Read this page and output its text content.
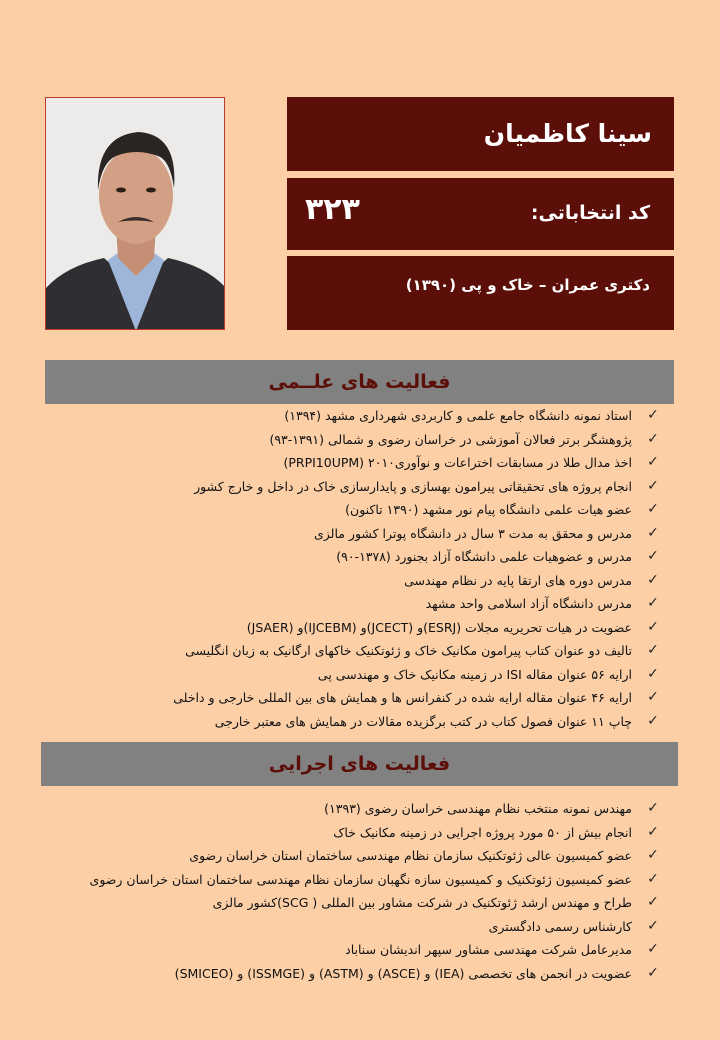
سینا کاظمیان
کد انتخاباتی:
۳۲۳
دکتری عمران – خاک و پی (۱۳۹۰)
فعالیت های علــمی
✓
استاد نمونه دانشگاه جامع علمی و کاربردی شهرداری مشهد (۱۳۹۴)
✓
پژوهشگر برتر فعالان آموزشی در خراسان رضوی و شمالی (۱۳۹۱-۹۳)
✓
اخذ مدال طلا در مسابقات اختراعات و نوآوری۲۰۱۰ (PRPI10UPM)
✓
انجام پروژه های تحقیقاتی پیرامون بهسازی و پایدارسازی خاک در داخل و خارج کشور
✓
عضو هیات علمی دانشگاه پیام نور مشهد (۱۳۹۰ تاکنون)
✓
مدرس و محقق به مدت ۳ سال در دانشگاه پوترا کشور مالزی
✓
مدرس و عضوهیات علمی دانشگاه آزاد بجنورد (۱۳۷۸-۹۰)
✓
مدرس دوره های ارتقا پایه در نظام مهندسی
✓
مدرس دانشگاه آزاد اسلامی واحد مشهد
✓
عضویت در هیات تحریریه مجلات (ESRJ)و (JCECT)و (IJCEBM)و (JSAER)
✓
تالیف دو عنوان کتاب پیرامون مکانیک خاک و ژئوتکنیک خاکهای ارگانیک به زبان انگلیسی
✓
ارایه ۵۶ عنوان مقاله ISI در زمینه مکانیک خاک و مهندسی پی
✓
ارایه ۴۶ عنوان مقاله ارایه شده در کنفرانس ها و همایش های بین المللی خارجی و داخلی
✓
چاپ ۱۱ عنوان فصول کتاب در کتب برگزیده مقالات در همایش های معتبر خارجی
فعالیت های اجرایی
✓
مهندس نمونه منتخب نظام مهندسی خراسان رضوی (۱۳۹۳)
✓
انجام بیش از ۵۰ مورد پروژه اجرایی در زمینه مکانیک خاک
✓
عضو کمیسیون عالی ژئوتکنیک سازمان نظام مهندسی ساختمان استان خراسان رضوی
✓
عضو کمیسیون ژئوتکنیک و کمیسیون سازه نگهبان سازمان نظام مهندسی ساختمان استان خراسان رضوی
✓
طراح و مهندس ارشد ژئوتکنیک در شرکت مشاور بین المللی ( SCG)کشور مالزی
✓
کارشناس رسمی دادگستری
✓
مدیرعامل شرکت مهندسی مشاور سپهر اندیشان سناباد
✓
عضویت در انجمن های تخصصی (IEA) و (ASCE) و (ASTM) و (ISSMGE) و (SMICEO)
